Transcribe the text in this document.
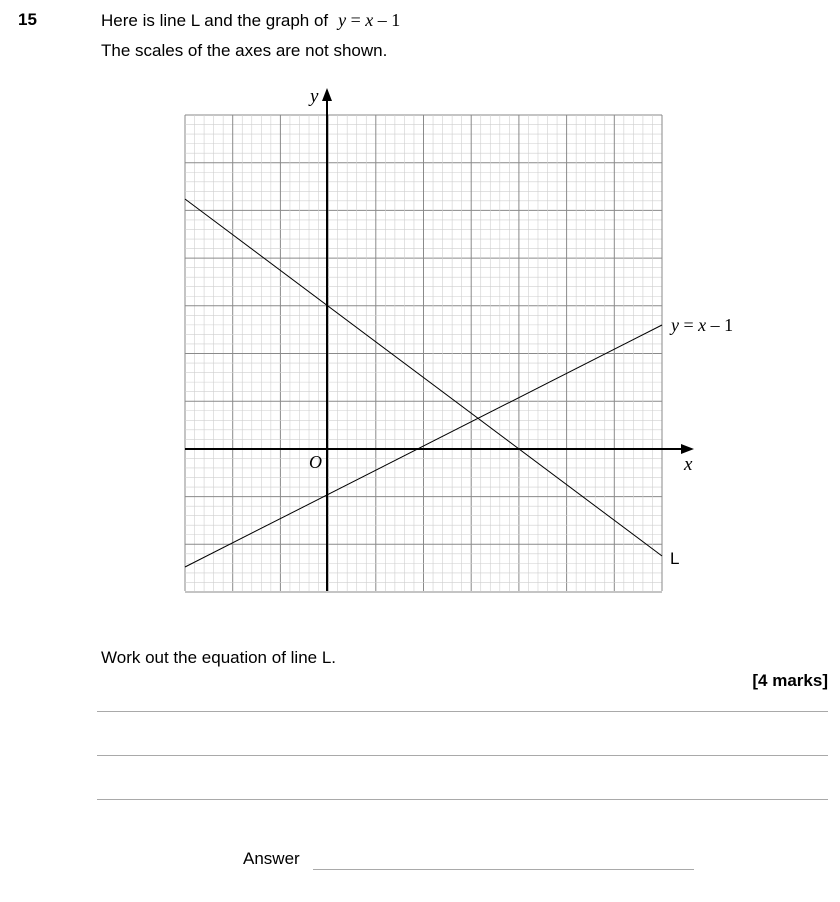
15	Here is line L and the graph of y = x – 1
The scales of the axes are not shown.
y
x
O
y = x – 1
L
Work out the equation of line L.
[4 marks]
Answer
